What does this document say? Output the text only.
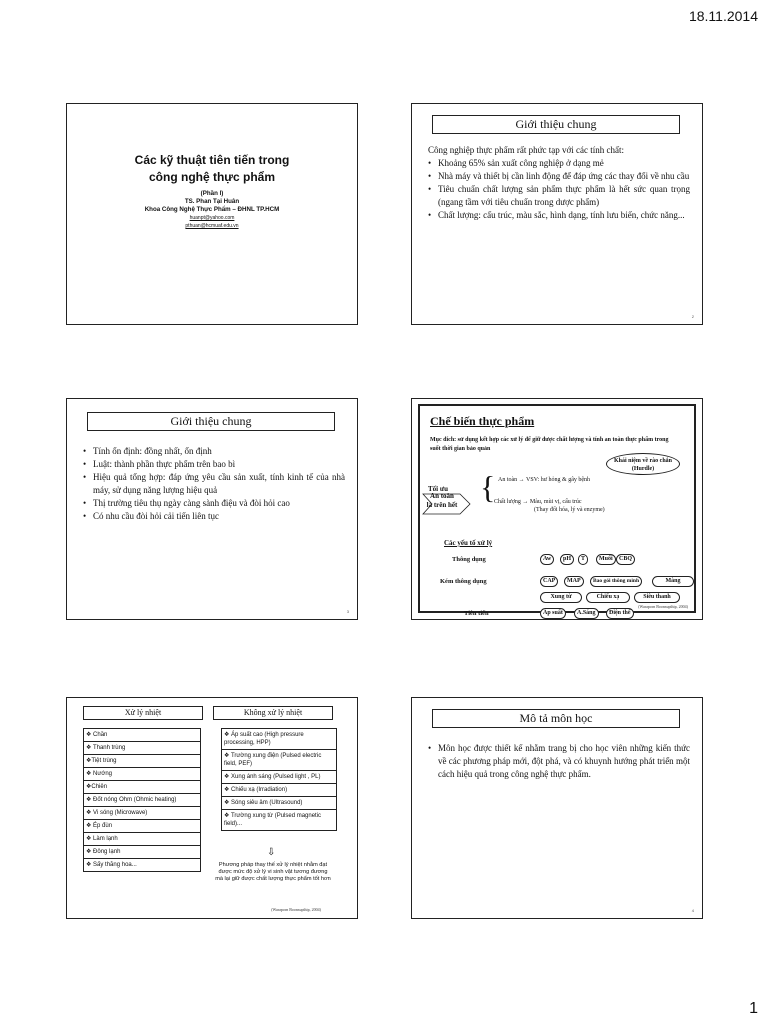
18.11.2014
1
Các kỹ thuật tiên tiến trong
công nghệ thực phẩm
(Phần I)
TS. Phan Tại Huân
Khoa Công Nghệ Thực Phẩm – ĐHNL TP.HCM
huanpt@yahoo.com
pthuan@hcmuaf.edu.vn
Giới thiệu chung
Công nghiệp thực phẩm rất phức tạp với các tính chất:
• Khoảng 65% sản xuất công nghiệp ở dạng mẻ
• Nhà máy và thiết bị cần linh động để đáp ứng các thay đổi về nhu cầu
• Tiêu chuẩn chất lượng sản phẩm thực phẩm là hết sức quan trọng (ngang tầm với tiêu chuẩn trong dược phẩm)
• Chất lượng: cấu trúc, màu sắc, hình dạng, tính lưu biến, chức năng...
2
Giới thiệu chung
• Tính ổn định: đồng nhất, ổn định
• Luật: thành phần thực phẩm trên bao bì
• Hiệu quả tổng hợp: đáp ứng yêu cầu sản xuất, tính kinh tế của nhà máy, sử dụng năng lượng hiệu quả
• Thị trường tiêu thụ ngày càng sành điệu và đòi hỏi cao
• Có nhu cầu đòi hỏi cải tiến liên tục
3
Chế biến thực phẩm
Mục đích: sử dụng kết hợp các xử lý để giữ được chất lượng và tính an toàn thực phẩm trong suốt thời gian bảo quản
Khái niệm về rào chắn (Hurdle)
Tối ưu
An toàn
là trên hết { An toàn → VSV: hư hỏng & gây bệnh
Chất lượng → Màu, mùi vị, cấu trúc
(Thay đổi hóa, lý và enzyme)
Các yếu tố xử lý
Thông dụng	Aw	pH	T	Muối	CBQ
Kém thông dụng	CAP	MAP	Bao gói thông minh	Màng
Xung từ	Chiếu xạ	Siêu thanh
Tiên tiến	Áp suất	A.Sáng	Điện thế
(Waraporn Boonsupthip, 2004)
Xử lý nhiệt	Không xử lý nhiệt
❖ Chần
❖ Thanh trùng
❖Tiệt trùng
❖ Nướng
❖Chiên
❖ Đốt nóng Ohm (Ohmic heating)
❖ Vi sóng (Microwave)
❖ Ép đùn
❖ Làm lạnh
❖ Đông lạnh
❖ Sấy thăng hoa...
❖ Áp suất cao (High pressure processing, HPP)
❖ Trường xung điện (Pulsed electric field, PEF)
❖ Xung ánh sáng (Pulsed light , PL)
❖ Chiếu xạ (Irradiation)
❖ Sóng siêu âm (Ultrasound)
❖ Trường xung từ (Pulsed magnetic field)...
⇩
Phương pháp thay thế xử lý nhiệt nhằm đạt được mức độ xử lý vi sinh vật tương đương mà lại giữ được chất lượng thực phẩm tốt hơn
(Waraporn Boonsupthip, 2004)
Mô tả môn học
• Môn học được thiết kế nhằm trang bị cho học viên những kiến thức về các phương pháp mới, đột phá, và có khuynh hướng phát triển một cách hiệu quả trong công nghệ thực phẩm.
4
